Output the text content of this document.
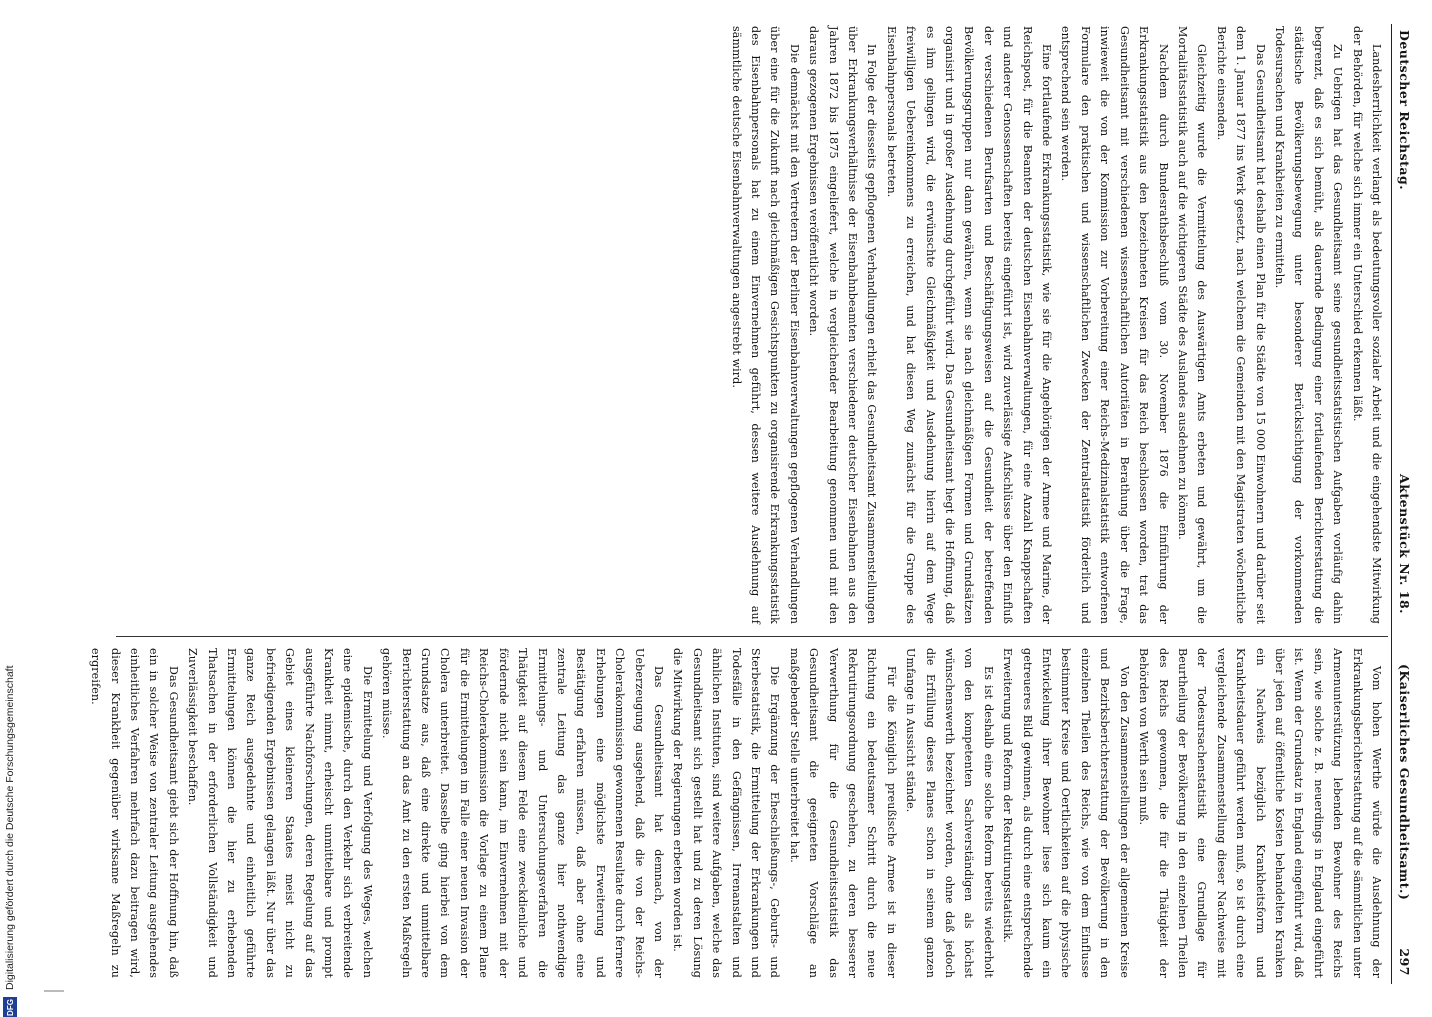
297
(Kaiserliches Gesundheitsamt.)
Aktenstück Nr. 18.
Deutscher Reichstag.

Landesherrlichkeit verlangt als bedeutungsvoller sozialer Arbeit und die eingehendste Mitwirkung der Behörden, für welche sich immer ein Unterschied erkennen läßt.

Zu Uebrigen hat das Gesundheitsamt seine gesundheitsstatistischen Aufgaben vorläufig dahin begrenzt, daß es sich bemüht, als dauernde Bedingung einer fortlaufenden Berichterstattung die städtische Bevölkerungsbewegung unter besonderer Berücksichtigung der vorkommenden Todesursachen und Krankheiten zu ermitteln.

Das Gesundheitsamt hat deshalb einen Plan für die Städte von 15 000 Einwohnern und darüber seit dem 1. Januar 1877 ins Werk gesetzt, nach welchem die Gemeinden mit den Magistraten wöchentliche Berichte einsenden.

Gleichzeitig wurde die Vermittelung des Auswärtigen Amts erbeten und gewährt, um die Mortalitätsstatistik auch auf die wichtigeren Städte des Auslandes ausdehnen zu können.

Nachdem durch Bundesrathsbeschluß vom 30. November 1876 die Einführung der Erkrankungsstatistik aus den bezeichneten Kreisen für das Reich beschlossen worden, trat das Gesundheitsamt mit verschiedenen wissenschaftlichen Autoritäten in Berathung über die Frage, inwieweit die von der Kommission zur Vorbereitung einer Reichs-Medizinalstatistik entworfenen Formulare den praktischen und wissenschaftlichen Zwecken der Zentralstatistik förderlich und entsprechend sein werden.

Eine fortlaufende Erkrankungsstatistik, wie sie für die Angehörigen der Armee und Marine, der Reichspost, für die Beamten der deutschen Eisenbahnverwaltungen, für eine Anzahl Knappschaften und anderer Genossenschaften bereits eingeführt ist, wird zuverlässige Aufschlüsse über den Einfluß der verschiedenen Berufsarten und Beschäftigungsweisen auf die Gesundheit der betreffenden Bevölkerungsgruppen nur dann gewähren, wenn sie nach gleichmäßigen Formen und Grundsätzen organisirt und in großer Ausdehnung durchgeführt wird. Das Gesundheitsamt hegt die Hoffnung, daß es ihm gelingen wird, die erwünschte Gleichmäßigkeit und Ausdehnung hierin auf dem Wege freiwilligen Uebereinkommens zu erreichen, und hat diesen Weg zunächst für die Gruppe des Eisenbahnpersonals betreten.

In Folge der diesseits gepflogenen Verhandlungen erhielt das Gesundheitsamt Zusammenstellungen über Erkrankungsverhältnisse der Eisenbahnbeamten verschiedener deutscher Eisenbahnen aus den Jahren 1872 bis 1875 eingeliefert, welche in vergleichender Bearbeitung genommen und mit den daraus gezogenen Ergebnissen veröffentlicht worden.

Die demnächst mit den Vertretern der Berliner Eisenbahnverwaltungen gepflogenen Verhandlungen über eine für die Zukunft nach gleichmäßigen Gesichtspunkten zu organisirende Erkrankungsstatistik des Eisenbahnpersonals hat zu einem Einvernehmen geführt, dessen weitere Ausdehnung auf sämmtliche deutsche Eisenbahnverwaltungen angestrebt wird.

Vom hohen Werthe würde die Ausdehnung der Erkrankungsberichterstattung auf die sämmtlichen unter Armenunterstützung lebenden Bewohner des Reichs sein, wie solche z. B. neuerdings in England eingeführt ist. Wenn der Grundsatz in England eingeführt wird, daß über jeden auf öffentliche Kosten behandelten Kranken ein Nachweis bezüglich Krankheitsform und Krankheitsdauer geführt werden muß, so ist durch eine vergleichende Zusammenstellung dieser Nachweise mit der Todesursachenstatistik eine Grundlage für Beurtheilung der Bevölkerung in den einzelnen Theilen des Reichs gewonnen, die für die Thätigkeit der Behörden von Werth sein muß.

Von den Zusammenstellungen der allgemeinen Kreise und Bezirksberichterstattung der Bevölkerung in den einzelnen Theilen des Reichs, wie von dem Einflusse bestimmter Kreise und Oertlichkeiten auf die physische Entwickelung ihrer Bewohner liese sich kaum ein getreueres Bild gewinnen, als durch eine entsprechende Erweiterung und Reform der Rekrutirungsstatistik.

Es ist deshalb eine solche Reform bereits wiederholt von den kompetenten Sachverständigen als höchst wünschenswerth bezeichnet worden, ohne daß jedoch die Erfüllung dieses Planes schon in seinem ganzen Umfange in Aussicht stände.

Für die Königlich preußische Armee ist in dieser Richtung ein bedeutsamer Schritt durch die neue Rekrutirungsordnung geschehen, zu deren besserer Verwerthung für die Gesundheitsstatistik das Gesundheitsamt die geeigneten Vorschläge an maßgebender Stelle unterbreitet hat.

Die Ergänzung der Eheschließungs-, Geburts- und Sterbestatistik, die Ermittelung der Erkrankungen und Todesfälle in den Gefängnissen, Irrenanstalten und ähnlichen Instituten, sind weitere Aufgaben, welche das Gesundheitsamt sich gestellt hat und zu deren Lösung die Mitwirkung der Regierungen erbeten worden ist.

Das Gesundheitsamt hat demnach, von der Ueberzeugung ausgehend, daß die von der Reichs-Cholerakommission gewonnenen Resultate durch fernere Erhebungen eine möglichste Erweiterung und Bestätigung erfahren müssen, daß aber ohne eine zentrale Leitung das ganze hier nothwendige Ermittelungs- und Untersuchungsverfahren die Thätigkeit auf diesem Felde eine zweckdienliche und fördernde nicht sein kann, im Einvernehmen mit der Reichs-Cholerakommission die Vorlage zu einem Plane für die Ermittelungen im Falle einer neuen Invasion der Cholera unterbreitet. Dasselbe ging hierbei von dem Grundsatze aus, daß eine direkte und unmittelbare Berichterstattung an das Amt zu den ersten Maßregeln gehören müsse.

Die Ermittelung und Verfolgung des Weges, welchen eine epidemische, durch den Verkehr sich verbreitende Krankheit nimmt, erheischt unmittelbare und prompt ausgeführte Nachforschungen, deren Regelung auf das Gebiet eines kleineren Staates meist nicht zu befriedigenden Ergebnissen gelangen läßt. Nur über das ganze Reich ausgedehnte und einheitlich geführte Ermittelungen können die hier zu erhebenden Thatsachen in der erforderlichen Vollständigkeit und Zuverlässigkeit beschaffen.

Das Gesundheitsamt giebt sich der Hoffnung hin, daß ein in solcher Weise von zentraler Leitung ausgehendes einheitliches Verfahren mehrfach dazu beitragen wird, dieser Krankheit gegenüber wirksame Maßregeln zu ergreifen.

Digitalisierung gefördert durch die Deutsche Forschungsgemeinschaft
DFG
